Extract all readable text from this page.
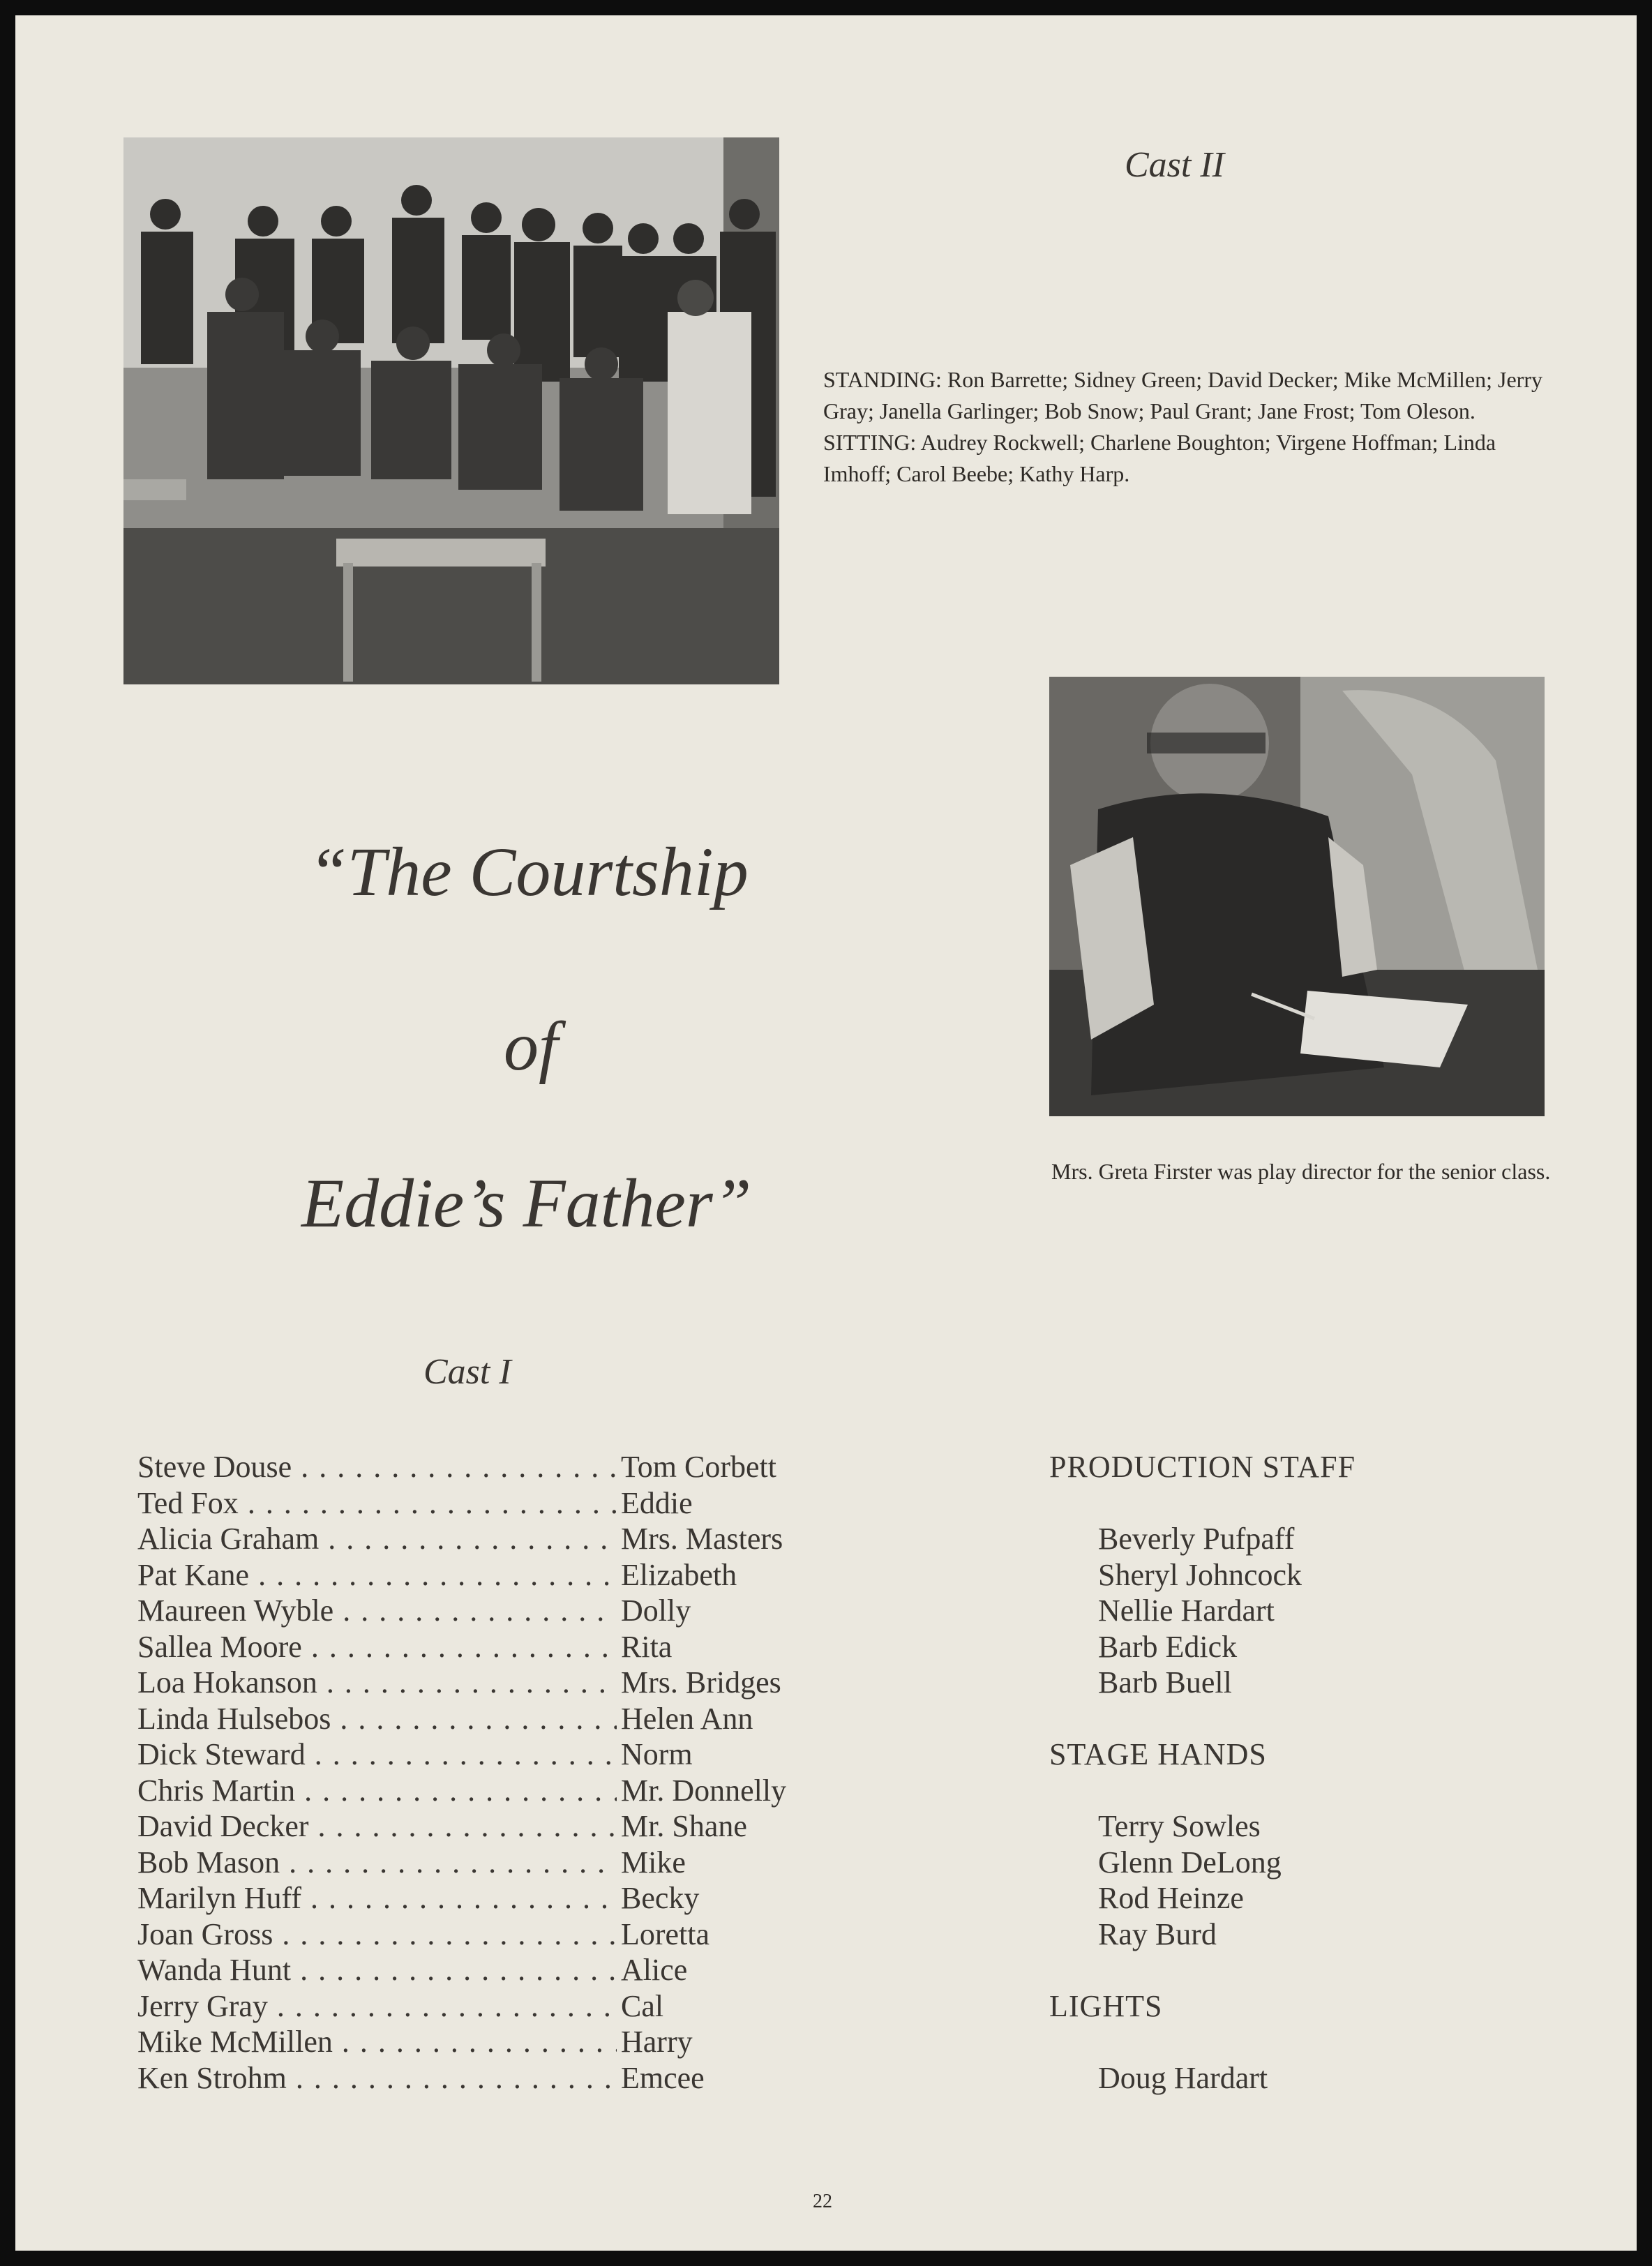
Cast II
STANDING: Ron Barrette; Sidney Green; David Decker; Mike McMillen; Jerry Gray; Janella Garlinger; Bob Snow; Paul Grant; Jane Frost; Tom Oleson. SITTING: Audrey Rockwell; Charlene Boughton; Virgene Hoffman; Linda Imhoff; Carol Beebe; Kathy Harp.
“The Courtship
of
Eddie’s Father”	Mrs. Greta Firster was play director for the senior class.
Cast I
Steve Douse . . .	Tom Corbett
Ted Fox . . .	Eddie
Alicia Graham . . .	Mrs. Masters
Pat Kane . . .	Elizabeth
Maureen Wyble . . .	Dolly
Sallea Moore . . .	Rita
Loa Hokanson . . .	Mrs. Bridges
Linda Hulsebos . . .	Helen Ann
Dick Steward . . .	Norm
Chris Martin . . .	Mr. Donnelly
David Decker . . .	Mr. Shane
Bob Mason . . .	Mike
Marilyn Huff . . .	Becky
Joan Gross . . .	Loretta
Wanda Hunt . . .	Alice
Jerry Gray . . .	Cal
Mike McMillen . . .	Harry
Ken Strohm . . .	Emcee
PRODUCTION STAFF
Beverly Pufpaff
Sheryl Johncock
Nellie Hardart
Barb Edick
Barb Buell
STAGE HANDS
Terry Sowles
Glenn DeLong
Rod Heinze
Ray Burd
LIGHTS
Doug Hardart
22
